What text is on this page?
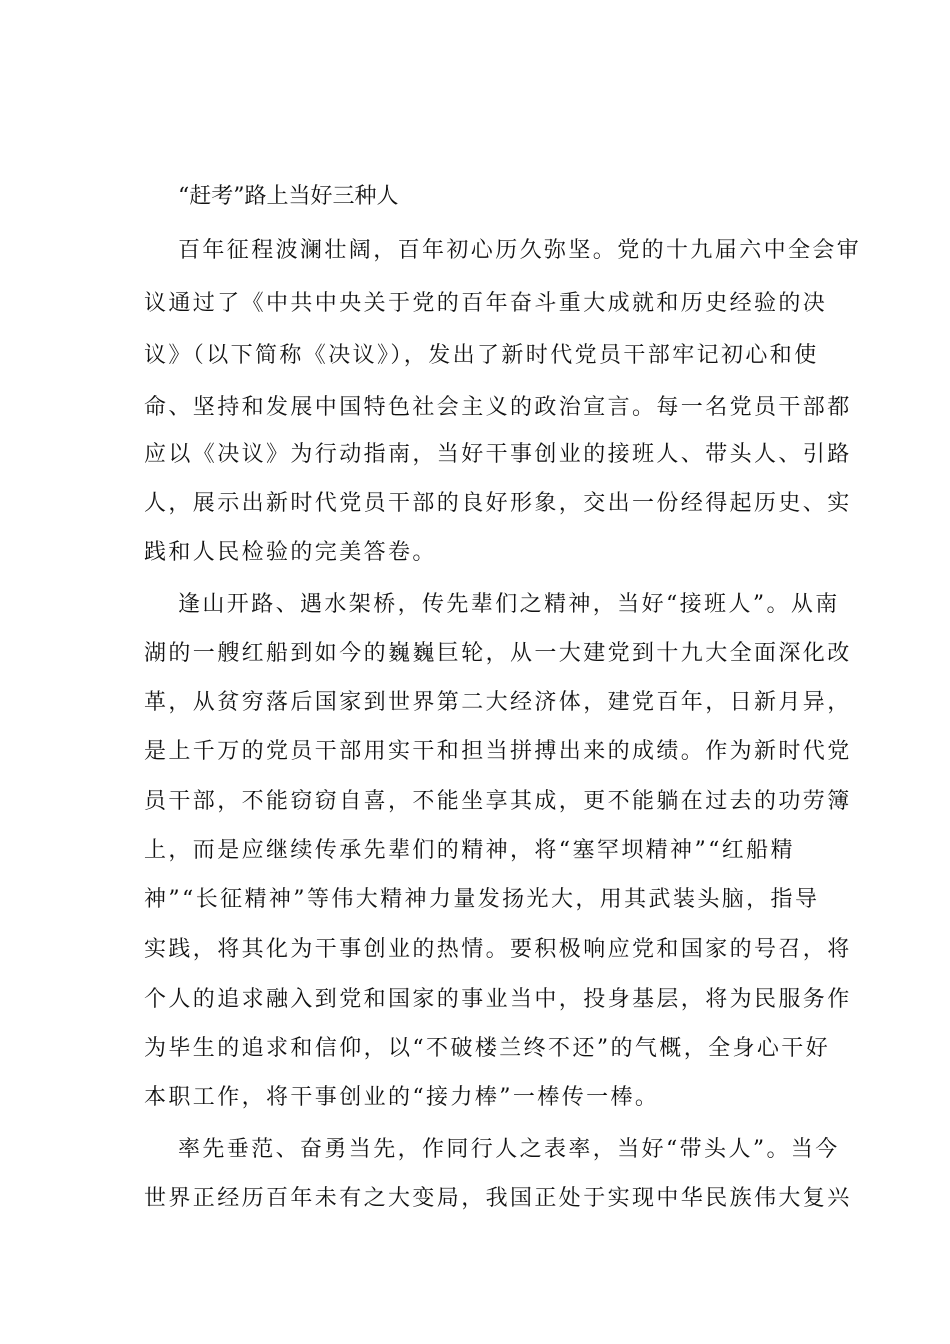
“赶考”路上当好三种人
百年征程波澜壮阔，百年初心历久弥坚。党的十九届六中全会审
议通过了《中共中央关于党的百年奋斗重大成就和历史经验的决
议》（以下简称《决议》），发出了新时代党员干部牢记初心和使
命、坚持和发展中国特色社会主义的政治宣言。每一名党员干部都
应以《决议》为行动指南，当好干事创业的接班人、带头人、引路
人，展示出新时代党员干部的良好形象，交出一份经得起历史、实
践和人民检验的完美答卷。
逢山开路、遇水架桥，传先辈们之精神，当好“接班人”。从南
湖的一艘红船到如今的巍巍巨轮，从一大建党到十九大全面深化改
革，从贫穷落后国家到世界第二大经济体，建党百年，日新月异，
是上千万的党员干部用实干和担当拼搏出来的成绩。作为新时代党
员干部，不能窃窃自喜，不能坐享其成，更不能躺在过去的功劳簿
上，而是应继续传承先辈们的精神，将“塞罕坝精神”“红船精
神”“长征精神”等伟大精神力量发扬光大，用其武装头脑，指导
实践，将其化为干事创业的热情。要积极响应党和国家的号召，将
个人的追求融入到党和国家的事业当中，投身基层，将为民服务作
为毕生的追求和信仰，以“不破楼兰终不还”的气概，全身心干好
本职工作，将干事创业的“接力棒”一棒传一棒。
率先垂范、奋勇当先，作同行人之表率，当好“带头人”。当今
世界正经历百年未有之大变局，我国正处于实现中华民族伟大复兴
